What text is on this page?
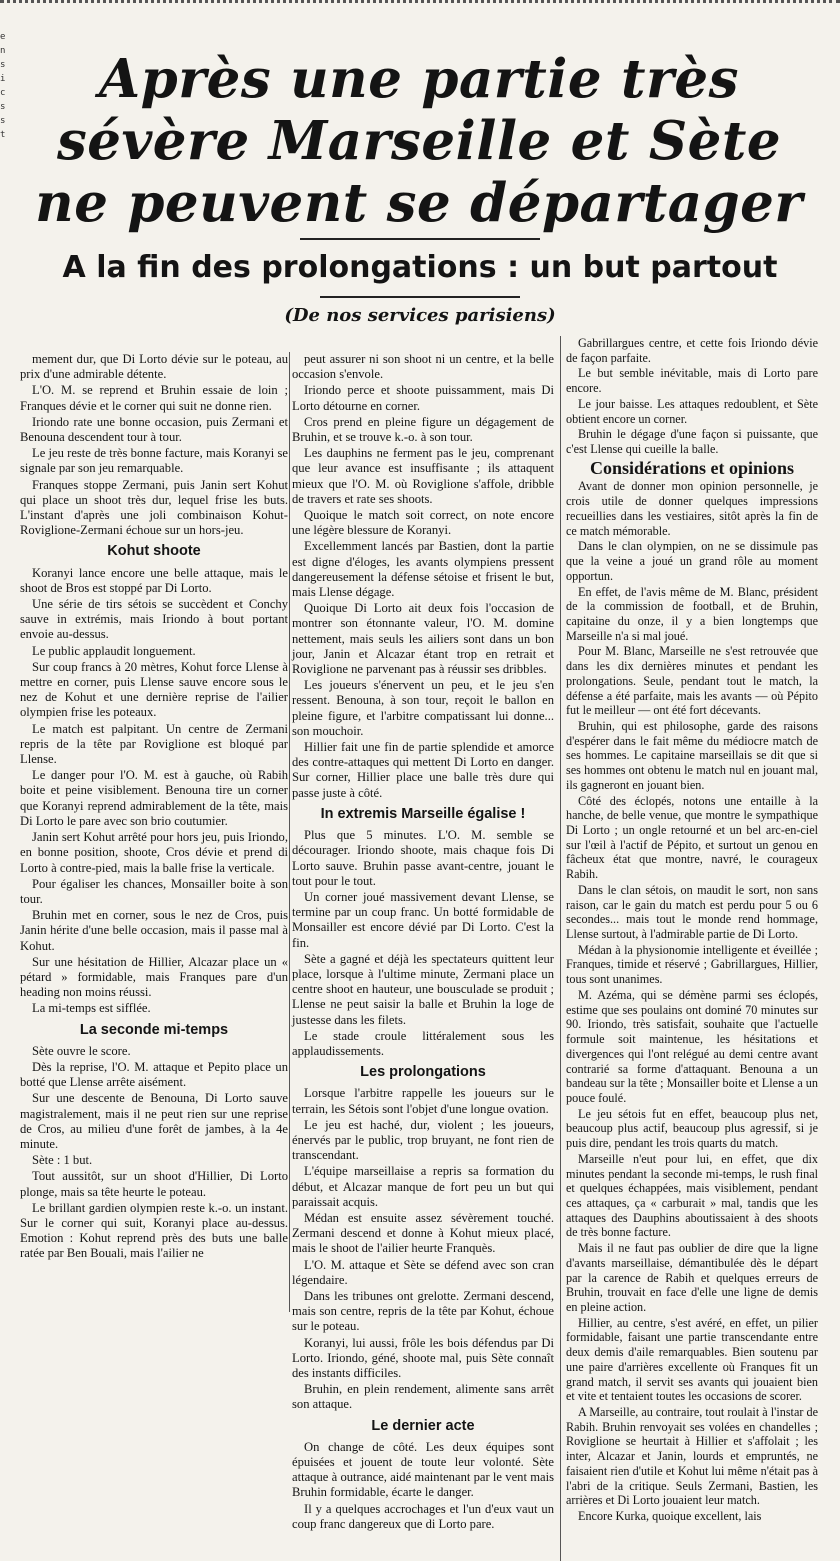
ensicsst
Après une partie très sévère Marseille et Sète ne peuvent se départager
A la fin des prolongations : un but partout
(De nos services parisiens)

mement dur, que Di Lorto dévie sur le poteau, au prix d'une admirable détente.

L'O. M. se reprend et Bruhin essaie de loin ; Franques dévie et le corner qui suit ne donne rien.

Iriondo rate une bonne occasion, puis Zermani et Benouna descendent tour à tour.

Le jeu reste de très bonne facture, mais Koranyi se signale par son jeu remarquable.

Franques stoppe Zermani, puis Janin sert Kohut qui place un shoot très dur, lequel frise les buts. L'instant d'après une joli combinaison Kohut-Roviglione-Zermani échoue sur un hors-jeu.

Kohut shoote

Koranyi lance encore une belle attaque, mais le shoot de Bros est stoppé par Di Lorto.

Une série de tirs sétois se succèdent et Conchy sauve in extrémis, mais Iriondo à bout portant envoie au-dessus.

Le public applaudit longuement.

Sur coup francs à 20 mètres, Kohut force Llense à mettre en corner, puis Llense sauve encore sous le nez de Kohut et une dernière reprise de l'ailier olympien frise les poteaux.

Le match est palpitant. Un centre de Zermani repris de la tête par Roviglione est bloqué par Llense.

Le danger pour l'O. M. est à gauche, où Rabih boite et peine visiblement. Benouna tire un corner que Koranyi reprend admirablement de la tête, mais Di Lorto le pare avec son brio coutumier.

Janin sert Kohut arrêté pour hors jeu, puis Iriondo, en bonne position, shoote, Cros dévie et prend di Lorto à contre-pied, mais la balle frise la verticale.

Pour égaliser les chances, Monsailler boite à son tour.

Bruhin met en corner, sous le nez de Cros, puis Janin hérite d'une belle occasion, mais il passe mal à Kohut.

Sur une hésitation de Hillier, Alcazar place un « pétard » formidable, mais Franques pare d'un heading non moins réussi.

La mi-temps est sifflée.

La seconde mi-temps

Sète ouvre le score.

Dès la reprise, l'O. M. attaque et Pepito place un botté que Llense arrête aisément.

Sur une descente de Benouna, Di Lorto sauve magistralement, mais il ne peut rien sur une reprise de Cros, au milieu d'une forêt de jambes, à la 4e minute.

Sète : 1 but.

Tout aussitôt, sur un shoot d'Hillier, Di Lorto plonge, mais sa tête heurte le poteau.

Le brillant gardien olympien reste k.-o. un instant. Sur le corner qui suit, Koranyi place au-dessus. Emotion : Kohut reprend près des buts une balle ratée par Ben Bouali, mais l'ailier ne

peut assurer ni son shoot ni un centre, et la belle occasion s'envole.

Iriondo perce et shoote puissamment, mais Di Lorto détourne en corner.

Cros prend en pleine figure un dégagement de Bruhin, et se trouve k.-o. à son tour.

Les dauphins ne ferment pas le jeu, comprenant que leur avance est insuffisante ; ils attaquent mieux que l'O. M. où Roviglione s'affole, dribble de travers et rate ses shoots.

Quoique le match soit correct, on note encore une légère blessure de Koranyi.

Excellemment lancés par Bastien, dont la partie est digne d'éloges, les avants olympiens pressent dangereusement la défense sétoise et frisent le but, mais Llense dégage.

Quoique Di Lorto ait deux fois l'occasion de montrer son étonnante valeur, l'O. M. domine nettement, mais seuls les ailiers sont dans un bon jour, Janin et Alcazar étant trop en retrait et Roviglione ne parvenant pas à réussir ses dribbles.

Les joueurs s'énervent un peu, et le jeu s'en ressent. Benouna, à son tour, reçoit le ballon en pleine figure, et l'arbitre compatissant lui donne... son mouchoir.

Hillier fait une fin de partie splendide et amorce des contre-attaques qui mettent Di Lorto en danger. Sur corner, Hillier place une balle très dure qui passe juste à côté.

In extremis Marseille égalise !

Plus que 5 minutes. L'O. M. semble se décourager. Iriondo shoote, mais chaque fois Di Lorto sauve. Bruhin passe avant-centre, jouant le tout pour le tout.

Un corner joué massivement devant Llense, se termine par un coup franc. Un botté formidable de Monsailler est encore dévié par Di Lorto. C'est la fin.

Sète a gagné et déjà les spectateurs quittent leur place, lorsque à l'ultime minute, Zermani place un centre shoot en hauteur, une bousculade se produit ; Llense ne peut saisir la balle et Bruhin la loge de justesse dans les filets.

Le stade croule littéralement sous les applaudissements.

Les prolongations

Lorsque l'arbitre rappelle les joueurs sur le terrain, les Sétois sont l'objet d'une longue ovation.

Le jeu est haché, dur, violent ; les joueurs, énervés par le public, trop bruyant, ne font rien de transcendant.

L'équipe marseillaise a repris sa formation du début, et Alcazar manque de fort peu un but qui paraissait acquis.

Médan est ensuite assez sévèrement touché. Zermani descend et donne à Kohut mieux placé, mais le shoot de l'ailier heurte Franquès.

L'O. M. attaque et Sète se défend avec son cran légendaire.

Dans les tribunes ont grelotte. Zermani descend, mais son centre, repris de la tête par Kohut, échoue sur le poteau.

Koranyi, lui aussi, frôle les bois défendus par Di Lorto. Iriondo, géné, shoote mal, puis Sète connaît des instants difficiles.

Bruhin, en plein rendement, alimente sans arrêt son attaque.

Le dernier acte

On change de côté. Les deux équipes sont épuisées et jouent de toute leur volonté. Sète attaque à outrance, aidé maintenant par le vent mais Bruhin formidable, écarte le danger.

Il y a quelques accrochages et l'un d'eux vaut un coup franc dangereux que di Lorto pare.

Gabrillargues centre, et cette fois Iriondo dévie de façon parfaite.

Le but semble inévitable, mais di Lorto pare encore.

Le jour baisse. Les attaques redoublent, et Sète obtient encore un corner.

Bruhin le dégage d'une façon si puissante, que c'est Llense qui cueille la balle.

Considérations et opinions

Avant de donner mon opinion personnelle, je crois utile de donner quelques impressions recueillies dans les vestiaires, sitôt après la fin de ce match mémorable.

Dans le clan olympien, on ne se dissimule pas que la veine a joué un grand rôle au moment opportun.

En effet, de l'avis même de M. Blanc, président de la commission de football, et de Bruhin, capitaine du onze, il y a bien longtemps que Marseille n'a si mal joué.

Pour M. Blanc, Marseille ne s'est retrouvée que dans les dix dernières minutes et pendant les prolongations. Seule, pendant tout le match, la défense a été parfaite, mais les avants — où Pépito fut le meilleur — ont été fort décevants.

Bruhin, qui est philosophe, garde des raisons d'espérer dans le fait même du médiocre match de ses hommes. Le capitaine marseillais se dit que si ses hommes ont obtenu le match nul en jouant mal, ils gagneront en jouant bien.

Côté des éclopés, notons une entaille à la hanche, de belle venue, que montre le sympathique Di Lorto ; un ongle retourné et un bel arc-en-ciel sur l'œil à l'actif de Pépito, et surtout un genou en fâcheux état que montre, navré, le courageux Rabih.

Dans le clan sétois, on maudit le sort, non sans raison, car le gain du match est perdu pour 5 ou 6 secondes... mais tout le monde rend hommage, Llense surtout, à l'admirable partie de Di Lorto.

Médan à la physionomie intelligente et éveillée ; Franques, timide et réservé ; Gabrillargues, Hillier, tous sont unanimes.

M. Azéma, qui se démène parmi ses éclopés, estime que ses poulains ont dominé 70 minutes sur 90. Iriondo, très satisfait, souhaite que l'actuelle formule soit maintenue, les hésitations et divergences qui l'ont relégué au demi centre avant contrarié sa forme d'attaquant. Benouna a un bandeau sur la tête ; Monsailler boite et Llense a un pouce foulé.

Le jeu sétois fut en effet, beaucoup plus net, beaucoup plus actif, beaucoup plus agressif, si je puis dire, pendant les trois quarts du match.

Marseille n'eut pour lui, en effet, que dix minutes pendant la seconde mi-temps, le rush final et quelques échappées, mais visiblement, pendant ces attaques, ça « carburait » mal, tandis que les attaques des Dauphins aboutissaient à des shoots de très bonne facture.

Mais il ne faut pas oublier de dire que la ligne d'avants marseillaise, démantibulée dès le départ par la carence de Rabih et quelques erreurs de Bruhin, trouvait en face d'elle une ligne de demis en pleine action.

Hillier, au centre, s'est avéré, en effet, un pilier formidable, faisant une partie transcendante entre deux demis d'aile remarquables. Bien soutenu par une paire d'arrières excellente où Franques fit un grand match, il servit ses avants qui jouaient bien et vite et tentaient toutes les occasions de scorer.

A Marseille, au contraire, tout roulait à l'instar de Rabih. Bruhin renvoyait ses volées en chandelles ; Roviglione se heurtait à Hillier et s'affolait ; les inter, Alcazar et Janin, lourds et empruntés, ne faisaient rien d'utile et Kohut lui même n'était pas à l'abri de la critique. Seuls Zermani, Bastien, les arrières et Di Lorto jouaient leur match.

Encore Kurka, quoique excellent, lais
